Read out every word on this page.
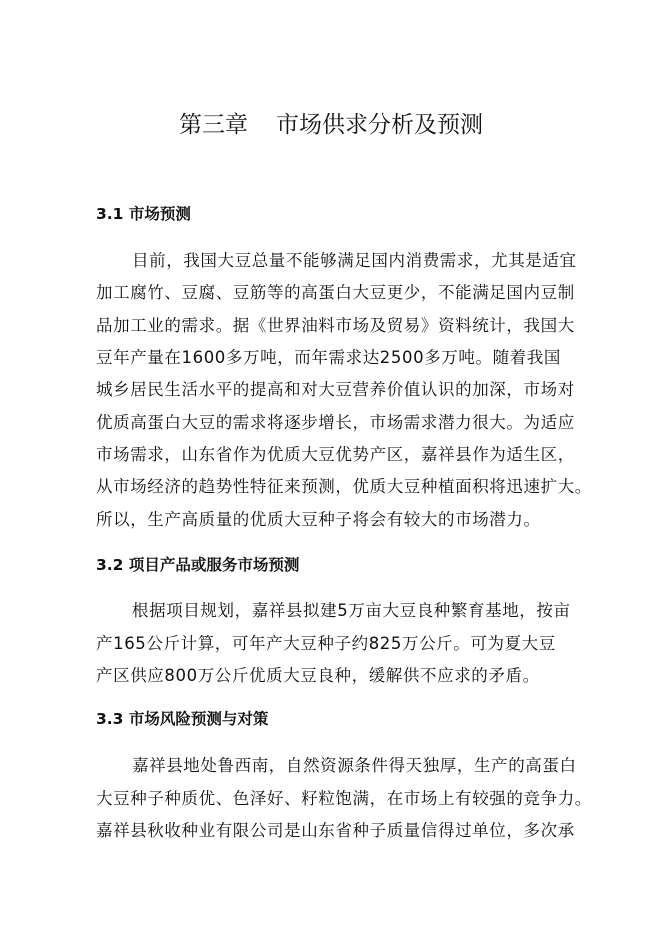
第三章 市场供求分析及预测
3.1 市场预测

目前，我国大豆总量不能够满足国内消费需求，尤其是适宜

加工腐竹、豆腐、豆筋等的高蛋白大豆更少，不能满足国内豆制

品加工业的需求。据《世界油料市场及贸易》资料统计，我国大

豆年产量在1600多万吨，而年需求达2500多万吨。随着我国

城乡居民生活水平的提高和对大豆营养价值认识的加深，市场对

优质高蛋白大豆的需求将逐步增长，市场需求潜力很大。为适应

市场需求，山东省作为优质大豆优势产区，嘉祥县作为适生区，

从市场经济的趋势性特征来预测，优质大豆种植面积将迅速扩大。

所以，生产高质量的优质大豆种子将会有较大的市场潜力。

3.2 项目产品或服务市场预测

根据项目规划，嘉祥县拟建5万亩大豆良种繁育基地，按亩

产165公斤计算，可年产大豆种子约825万公斤。可为夏大豆

产区供应800万公斤优质大豆良种，缓解供不应求的矛盾。

3.3 市场风险预测与对策

嘉祥县地处鲁西南，自然资源条件得天独厚，生产的高蛋白

大豆种子种质优、色泽好、籽粒饱满，在市场上有较强的竞争力。

嘉祥县秋收种业有限公司是山东省种子质量信得过单位，多次承
